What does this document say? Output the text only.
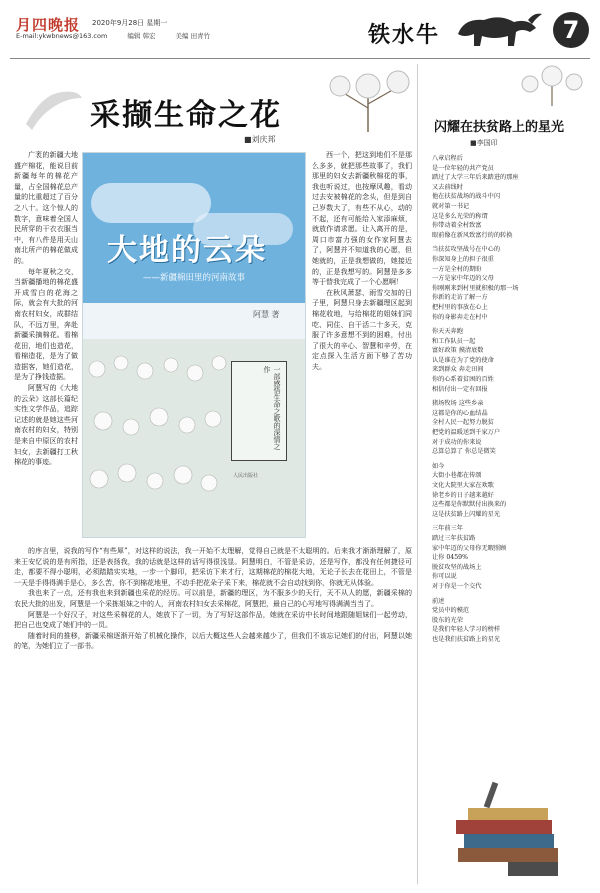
月四晚报 2020年9月28日 星期一
E-mail:ykwbnews@163.com	编辑 韩宏	美编 田青竹	铁水牛	7
采撷生命之花
■刘庆邦

广袤的新疆大地盛产棉花，能说目前新疆每年的棉花产量，占全国棉花总产量的比重超过了百分之八十。这个惊人的数字，意味着全国人民所穿的干衣衣服当中，有八件是用天山南北所产的棉花做成的。

每年夏秋之交，当新疆播地的棉花盛开成雪白的花海之际，就会有大批的河南农村妇女，成群结队，不远万里，奔赴新疆采摘棉花。看棉花田，地们也造花，看棉造花，是为了做造据客，她们造花，是为了挣钱造据。

阿慧写的《大地的云朵》这部长篇纪实性文学作品，追踪记述的就是她这些河南农村的妇女，特别是来自中原区的农村妇女，去新疆打工秋棉花的事迹。

大地的云朵
——新疆棉田里的河南故事
阿慧 著
一部感悟生命之歌的深情之作
人民出版社

西一个，把这到地们不是那么多多，就把那些故事了，我们那里的妇女去新疆秋棉花的事，我也听说过，也按摩风趣，看动过去安被棉花的念头，但是到自己岁数大了，有些不从心，动的不起，还有可能给入家添麻烦，就放作请求愿。让入离开的是，周口市富力强的女作家阿慧去了，阿慧并不知道我的心愿，但她就的，正是我想做的，她接近的，正是我想写的。阿慧是多多等于替我完成了一个心愿啊！

在秋风萧瑟、雨雪交加的日子里，阿慧只身去新疆理区起到棉花收地，与给棉花的姐妹们同吃、同住、自干活二十多天，克服了许多意想不到的困难，付出了很大的辛心、智慧和辛劳，在定点探入生活方面下够了苦功夫。

的序言里，说我的写作“有些犀”，对这样的说法，我一开始不太理解，觉得自己就是不太聪明的。后来我才渐渐理解了，原来王安忆说的是有所指，还是表扬我，我的话就是这样的话写得很浅显。阿慧明白，不管是采访，还是写作，都没有任何捷径可走，都要不得小聪明，必须踏踏实实地，一步一个脚印，把采访下来才行，这期棉花的棉花大地，无论子长去在花田上，不管是一天是手得得满手是心，多么苦，你不到棉花地里，不动手把花朵子采下来，棉花就不会自动找到你，你就无从体验。

我也来了一点，还有我也来到新疆也采花的经历。可以前是，新疆的理区，为不服多少的天行，天不从人的愿，新疆采棉的农民大批的出发，阿慧是一个采拣姐妹之中的人，河南农村妇女去采棉花，阿慧把，最自己的心写地写得满满当当了。

阿慧是一个好汉子，对这些采棉花的人，她放下了一切，为了写好这部作品，她就在采访中长时间地跟随姐妹们一起劳动，把自己也变成了她们中的一员。

随着时间的推移，新疆采棉逐渐开始了机械化操作，以后大概这些人会越来越少了，但我们不该忘记她们的付出，阿慧以她的笔，为她们立了一部书。

闪耀在扶贫路上的星光
■李国印
八章启程后
是一位年轻的共产党员
踏过了大学三年后来踏进的那座
又去前线时
他在扶贫战场的战斗中闪
就对第一书记
这是多么光荣的称谓
你带动着全村致富
眼前像在新风致富行的的转换
当扶贫攻坚战号在中心的
你深知身上的担子很重
一方是全村的期盼
一方是家中年迈的父母
你刚刚来到村里就积极的那一场
你新的走访了解一方
把村里的事放在心上
你的身影奔走在村中
你天天奔跑
和工作队员一起
富好政策 摸清底数
认是谁在为了党的使命
来到群众 奔走田间
你的心系着贫困的百姓
相信付出一定有回报
猪场牧场 这些乡亲
这都是你的心血结晶
全村人民一起努力脱贫
把党的温暖送到千家万户
对于成功的你来说
总算总算了 你总是微笑
如今
大街小巷都在传颂
文化大院里大家在欢歌
徐老乡的日子越来越好
这些都是你默默付出换来的
这是扶贫路上闪耀的星光
三年前三年
踏过三年扶贫路
家中年迈的父母你无暇照顾
让你 0459%
脱贫攻坚的战场上
你可以说
对于你是一个交代
前述
党员中的模范
股东的光荣
是我们年轻人学习的榜样
也是我们扶贫路上的星光
